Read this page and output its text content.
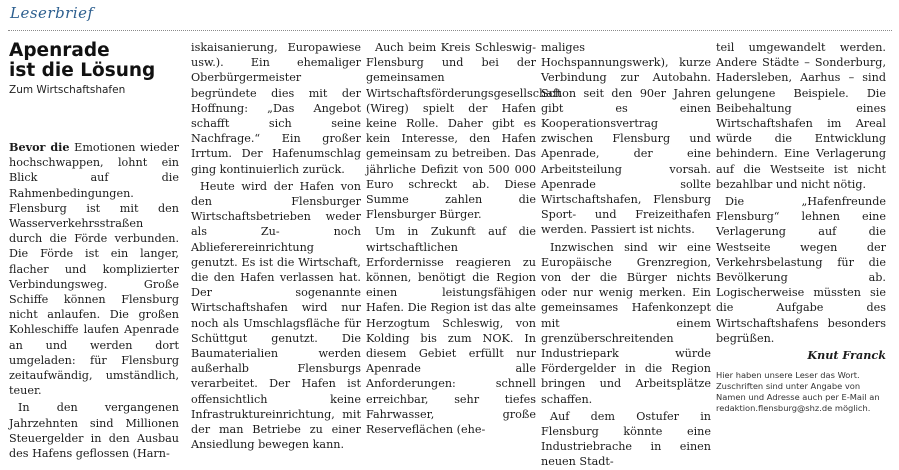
Leserbrief
Apenrade
ist die Lösung
Zum Wirtschaftshafen

Bevor die Emotionen wieder hochschwappen, lohnt ein Blick auf die Rahmenbedingungen. Flensburg ist mit den Wasserverkehrsstraßen durch die Förde verbunden. Die Förde ist ein langer, flacher und komplizierter Verbindungsweg. Große Schiffe können Flensburg nicht anlaufen. Die großen Kohleschiffe laufen Apenrade an und werden dort umgeladen: für Flensburg zeitaufwändig, umständlich, teuer.

In den vergangenen Jahrzehnten sind Millionen Steuergelder in den Ausbau des Hafens geflossen (Harn-

iskaisanierung, Europawiese usw.). Ein ehemaliger Oberbürgermeister begründete dies mit der Hoffnung: „Das Angebot schafft sich seine Nachfrage.“ Ein großer Irrtum. Der Hafenumschlag ging kontinuierlich zurück.

Heute wird der Hafen von den Flensburger Wirtschaftsbetrieben weder als Zu- noch Ablieferereinrichtung genutzt. Es ist die Wirtschaft, die den Hafen verlassen hat. Der sogenannte Wirtschaftshafen wird nur noch als Umschlagsfläche für Schüttgut genutzt. Die Baumaterialien werden außerhalb Flensburgs verarbeitet. Der Hafen ist offensichtlich keine Infrastruktureinrichtung, mit der man Betriebe zu einer Ansiedlung bewegen kann.

Auch beim Kreis Schleswig-Flensburg und bei der gemeinsamen Wirtschaftsförderungsgesellschaft (Wireg) spielt der Hafen keine Rolle. Daher gibt es kein Interesse, den Hafen gemeinsam zu betreiben. Das jährliche Defizit von 500 000 Euro schreckt ab. Diese Summe zahlen die Flensburger Bürger.

Um in Zukunft auf die wirtschaftlichen Erfordernisse reagieren zu können, benötigt die Region einen leistungsfähigen Hafen. Die Region ist das alte Herzogtum Schleswig, von Kolding bis zum NOK. In diesem Gebiet erfüllt nur Apenrade alle Anforderungen: schnell erreichbar, sehr tiefes Fahrwasser, große Reserveflächen (ehe-

maliges Hochspannungswerk), kurze Verbindung zur Autobahn. Schon seit den 90er Jahren gibt es einen Kooperationsvertrag zwischen Flensburg und Apenrade, der eine Arbeitsteilung vorsah. Apenrade sollte Wirtschaftshafen, Flensburg Sport- und Freizeithafen werden. Passiert ist nichts.

Inzwischen sind wir eine Europäische Grenzregion, von der die Bürger nichts oder nur wenig merken. Ein gemeinsames Hafenkonzept mit einem grenzüberschreitenden Industriepark würde Fördergelder in die Region bringen und Arbeitsplätze schaffen.

Auf dem Ostufer in Flensburg könnte eine Industriebrache in einen neuen Stadt-

teil umgewandelt werden. Andere Städte – Sonderburg, Hadersleben, Aarhus – sind gelungene Beispiele. Die Beibehaltung eines Wirtschaftshafen im Areal würde die Entwicklung behindern. Eine Verlagerung auf die Westseite ist nicht bezahlbar und nicht nötig.

Die „Hafenfreunde Flensburg“ lehnen eine Verlagerung auf die Westseite wegen der Verkehrsbelastung für die Bevölkerung ab. Logischerweise müssten sie die Aufgabe des Wirtschaftshafens besonders begrüßen.

Knut Franck

Hier haben unsere Leser das Wort. Zuschriften sind unter Angabe von Namen und Adresse auch per E-Mail an redaktion.flensburg@shz.de möglich.
